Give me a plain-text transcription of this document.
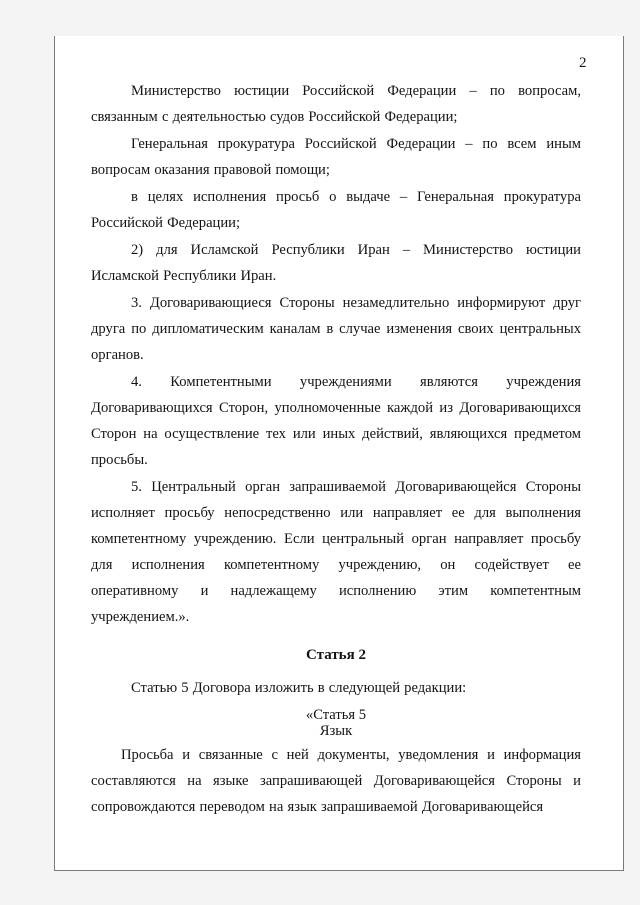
2

Министерство юстиции Российской Федерации – по вопросам, связанным с деятельностью судов Российской Федерации;

Генеральная прокуратура Российской Федерации – по всем иным вопросам оказания правовой помощи;

в целях исполнения просьб о выдаче – Генеральная прокуратура Российской Федерации;

2) для Исламской Республики Иран – Министерство юстиции Исламской Республики Иран.

3. Договаривающиеся Стороны незамедлительно информируют друг друга по дипломатическим каналам в случае изменения своих центральных органов.

4. Компетентными учреждениями являются учреждения Договаривающихся Сторон, уполномоченные каждой из Договаривающихся Сторон на осуществление тех или иных действий, являющихся предметом просьбы.

5. Центральный орган запрашиваемой Договаривающейся Стороны исполняет просьбу непосредственно или направляет ее для выполнения компетентному учреждению. Если центральный орган направляет просьбу для исполнения компетентному учреждению, он содействует ее оперативному и надлежащему исполнению этим компетентным учреждением.».

Статья 2

Статью 5 Договора изложить в следующей редакции:

«Статья 5
Язык

Просьба и связанные с ней документы, уведомления и информация составляются на языке запрашивающей Договаривающейся Стороны и сопровождаются переводом на язык запрашиваемой Договаривающейся
